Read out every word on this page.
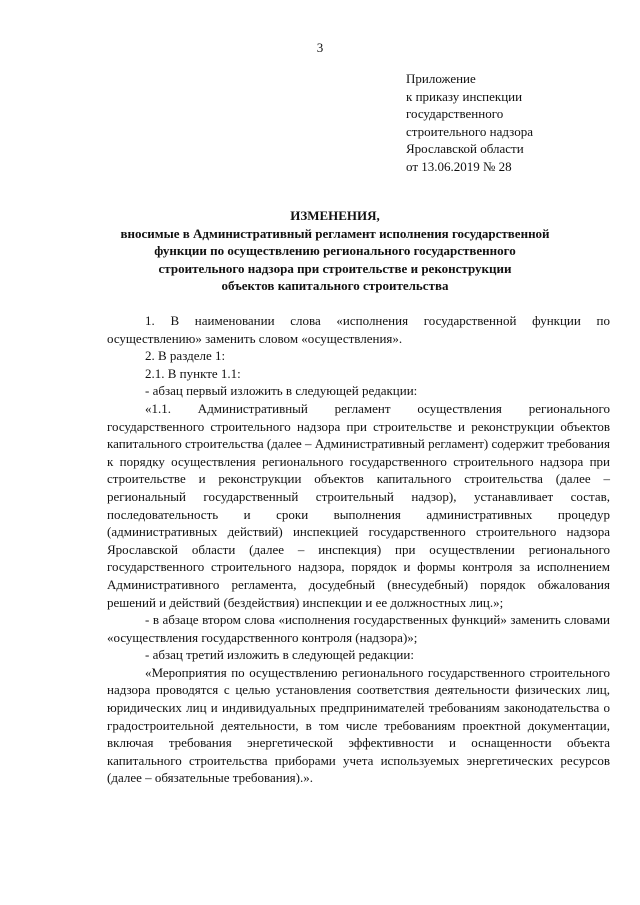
3
Приложение
к приказу инспекции
государственного
строительного надзора
Ярославской области
от 13.06.2019 № 28
ИЗМЕНЕНИЯ,
вносимые в Административный регламент исполнения государственной
функции по осуществлению регионального государственного
строительного надзора при строительстве и реконструкции
объектов капитального строительства

1. В наименовании слова «исполнения государственной функции по осуществлению» заменить словом «осуществления».

2. В разделе 1:

2.1. В пункте 1.1:

- абзац первый изложить в следующей редакции:

«1.1. Административный регламент осуществления регионального государственного строительного надзора при строительстве и реконструкции объектов капитального строительства (далее – Административный регламент) содержит требования к порядку осуществления регионального государственного строительного надзора при строительстве и реконструкции объектов капитального строительства (далее – региональный государственный строительный надзор), устанавливает состав, последовательность и сроки выполнения административных процедур (административных действий) инспекцией государственного строительного надзора Ярославской области (далее – инспекция) при осуществлении регионального государственного строительного надзора, порядок и формы контроля за исполнением Административного регламента, досудебный (внесудебный) порядок обжалования решений и действий (бездействия) инспекции и ее должностных лиц.»;

- в абзаце втором слова «исполнения государственных функций» заменить словами «осуществления государственного контроля (надзора)»;

- абзац третий изложить в следующей редакции:

«Мероприятия по осуществлению регионального государственного строительного надзора проводятся с целью установления соответствия деятельности физических лиц, юридических лиц и индивидуальных предпринимателей требованиям законодательства о градостроительной деятельности, в том числе требованиям проектной документации, включая требования энергетической эффективности и оснащенности объекта капитального строительства приборами учета используемых энергетических ресурсов (далее – обязательные требования).».
